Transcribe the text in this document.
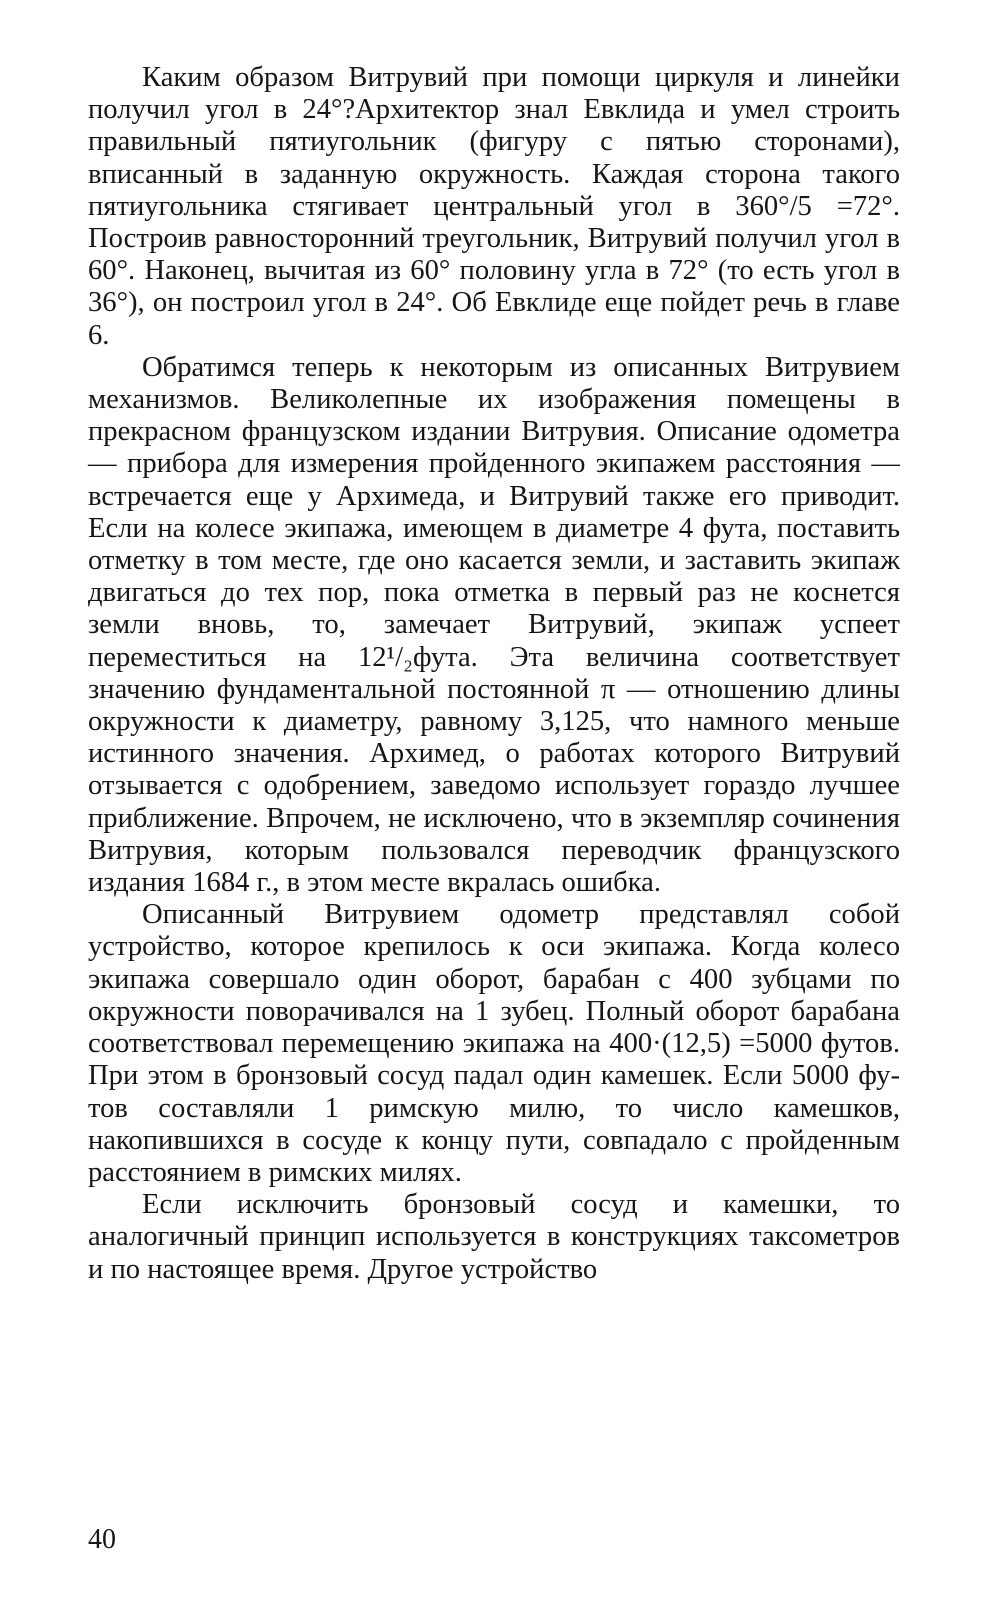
Каким образом Витрувий при помощи циркуля и линейки получил угол в 24°?Архитектор знал Евклида и умел строить правильный пятиугольник (фигуру с пятью сторонами), вписанный в заданную окружность. Каждая сторона такого пятиугольника стягивает центральный угол в 360°/5 =72°. Построив равносторонний треугольник, Витрувий получил угол в 60°. Наконец, вычитая из 60° половину угла в 72° (то есть угол в 36°), он построил угол в 24°. Об Евклиде еще пойдет речь в главе 6.

Обратимся теперь к некоторым из описанных Витрувием механизмов. Великолепные их изображения помещены в прекрасном французском издании Витрувия. Описание одометра — прибора для измерения пройденного экипажем расстояния — встречается еще у Архимеда, и Витрувий также его приводит. Если на колесе экипажа, имеющем в диаметре 4 фута, поставить отметку в том месте, где оно касается земли, и заставить экипаж двигаться до тех пор, пока отметка в первый раз не коснется земли вновь, то, замечает Витрувий, экипаж успеет переместиться на 12¹/₂фута. Эта величина соответствует значению фундаментальной постоянной π — отношению длины окружности к диаметру, равному 3,125, что намного меньше истинного значения. Архимед, о работах которого Витрувий отзывается с одобрением, заведомо использует гораздо лучшее приближение. Впрочем, не исключено, что в экземпляр сочинения Витрувия, которым пользовался переводчик французского издания 1684 г., в этом месте вкралась ошибка.

Описанный Витрувием одометр представлял собой устройство, которое крепилось к оси экипажа. Когда колесо экипажа совершало один оборот, барабан с 400 зубцами по окружности поворачивался на 1 зубец. Полный оборот барабана соответствовал перемещению экипажа на 400·(12,5) =5000 футов. При этом в бронзовый сосуд падал один камешек. Если 5000 футов составляли 1 римскую милю, то число камешков, накопившихся в сосуде к концу пути, совпадало с пройденным расстоянием в римских милях.

Если исключить бронзовый сосуд и камешки, то аналогичный принцип используется в конструкциях таксометров и по настоящее время. Другое устройство

40
